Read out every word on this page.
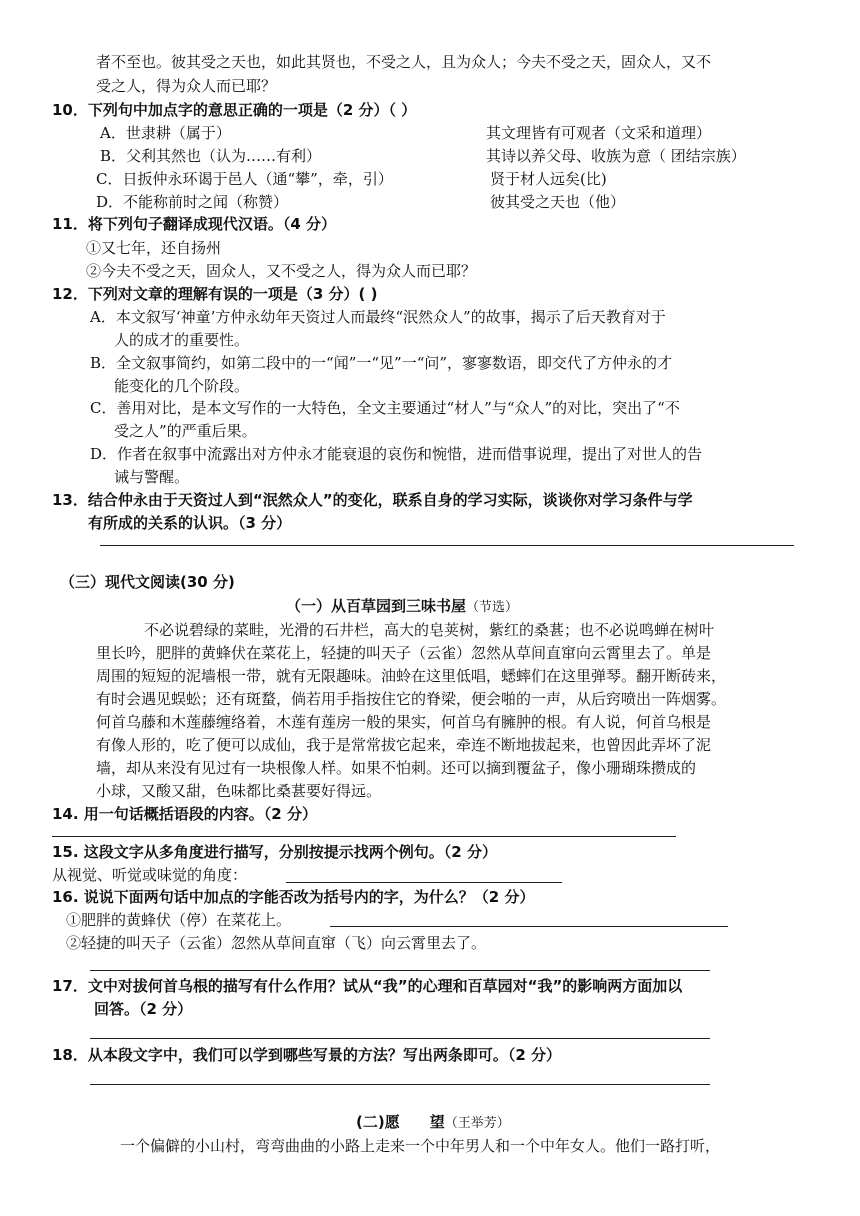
者不至也。彼其受之天也，如此其贤也，不受之人，且为众人；今夫不受之天，固众人，又不
受之人，得为众人而已耶？
10．下列句中加点字的意思正确的一项是（2 分）（ ）
A．世隶耕（属于）	其文理皆有可观者（文采和道理）
B．父利其然也（认为……有利）	其诗以养父母、收族为意（ 团结宗族）
C．日扳仲永环谒于邑人（通“攀”，牵，引）	贤于材人远矣(比)
D．不能称前时之闻（称赞）	彼其受之天也（他）
11．将下列句子翻译成现代汉语。（4 分）
①又七年，还自扬州
②今夫不受之天，固众人，又不受之人，得为众人而已耶？
12．下列对文章的理解有误的一项是（3 分）( )
A．本文叙写‘神童’方仲永幼年天资过人而最终“泯然众人”的故事，揭示了后天教育对于
人的成才的重要性。
B．全文叙事简约，如第二段中的一“闻”一“见”一“问”，寥寥数语，即交代了方仲永的才
能变化的几个阶段。
C．善用对比，是本文写作的一大特色，全文主要通过“材人”与“众人”的对比，突出了“不
受之人”的严重后果。
D．作者在叙事中流露出对方仲永才能衰退的哀伤和惋惜，进而借事说理，提出了对世人的告
诫与警醒。
13．结合仲永由于天资过人到“泯然众人”的变化，联系自身的学习实际，谈谈你对学习条件与学
有所成的关系的认识。（3 分）
（三）现代文阅读(30 分)
（一）从百草园到三味书屋（节选）
不必说碧绿的菜畦，光滑的石井栏，高大的皂荚树，紫红的桑葚；也不必说鸣蝉在树叶
里长吟，肥胖的黄蜂伏在菜花上，轻捷的叫天子（云雀）忽然从草间直窜向云霄里去了。单是
周围的短短的泥墙根一带，就有无限趣味。油蛉在这里低唱，蟋蟀们在这里弹琴。翻开断砖来，
有时会遇见蜈蚣；还有斑蝥，倘若用手指按住它的脊梁，便会啪的一声，从后窍喷出一阵烟雾。
何首乌藤和木莲藤缠络着，木莲有莲房一般的果实，何首乌有臃肿的根。有人说，何首乌根是
有像人形的，吃了便可以成仙，我于是常常拔它起来，牵连不断地拔起来，也曾因此弄坏了泥
墙，却从来没有见过有一块根像人样。如果不怕刺。还可以摘到覆盆子，像小珊瑚珠攒成的
小球，又酸又甜，色味都比桑葚要好得远。
14. 用一句话概括语段的内容。（2 分）
15. 这段文字从多角度进行描写，分别按提示找两个例句。（2 分）
从视觉、听觉或味觉的角度：
16. 说说下面两句话中加点的字能否改为括号内的字，为什么？（2 分）
①肥胖的黄蜂伏（停）在菜花上。
②轻捷的叫天子（云雀）忽然从草间直窜（飞）向云霄里去了。
17．文中对拔何首乌根的描写有什么作用？试从“我”的心理和百草园对“我”的影响两方面加以
回答。（2 分）
18．从本段文字中，我们可以学到哪些写景的方法？写出两条即可。（2 分）
(二)愿　　望（王举芳）
一个偏僻的小山村，弯弯曲曲的小路上走来一个中年男人和一个中年女人。他们一路打听，
